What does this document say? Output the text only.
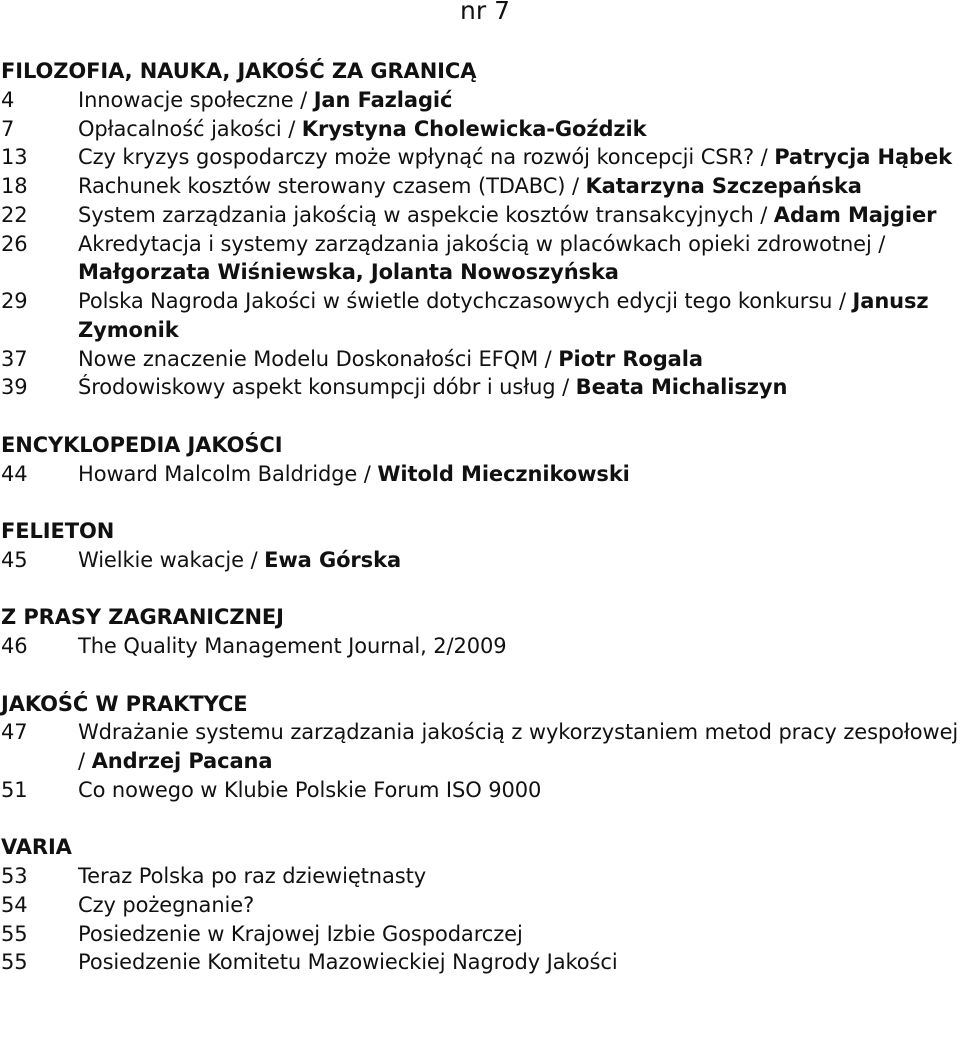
nr 7
FILOZOFIA, NAUKA, JAKOŚĆ ZA GRANICĄ
4	Innowacje społeczne / Jan Fazlagić
7	Opłacalność jakości / Krystyna Cholewicka-Goździk
13	Czy kryzys gospodarczy może wpłynąć na rozwój koncepcji CSR? / Patrycja Hąbek
18	Rachunek kosztów sterowany czasem (TDABC) / Katarzyna Szczepańska
22	System zarządzania jakością w aspekcie kosztów transakcyjnych / Adam Majgier
26	Akredytacja i systemy zarządzania jakością w placówkach opieki zdrowotnej / Małgorzata Wiśniewska, Jolanta Nowoszyńska
29	Polska Nagroda Jakości w świetle dotychczasowych edycji tego konkursu / Janusz Zymonik
37	Nowe znaczenie Modelu Doskonałości EFQM / Piotr Rogala
39	Środowiskowy aspekt konsumpcji dóbr i usług / Beata Michaliszyn
ENCYKLOPEDIA JAKOŚCI
44	Howard Malcolm Baldridge / Witold Miecznikowski
FELIETON
45	Wielkie wakacje / Ewa Górska
Z PRASY ZAGRANICZNEJ
46	The Quality Management Journal, 2/2009
JAKOŚĆ W PRAKTYCE
47	Wdrażanie systemu zarządzania jakością z wykorzystaniem metod pracy zespołowej / Andrzej Pacana
51	Co nowego w Klubie Polskie Forum ISO 9000
VARIA
53	Teraz Polska po raz dziewiętnasty
54	Czy pożegnanie?
55	Posiedzenie w Krajowej Izbie Gospodarczej
55	Posiedzenie Komitetu Mazowieckiej Nagrody Jakości
